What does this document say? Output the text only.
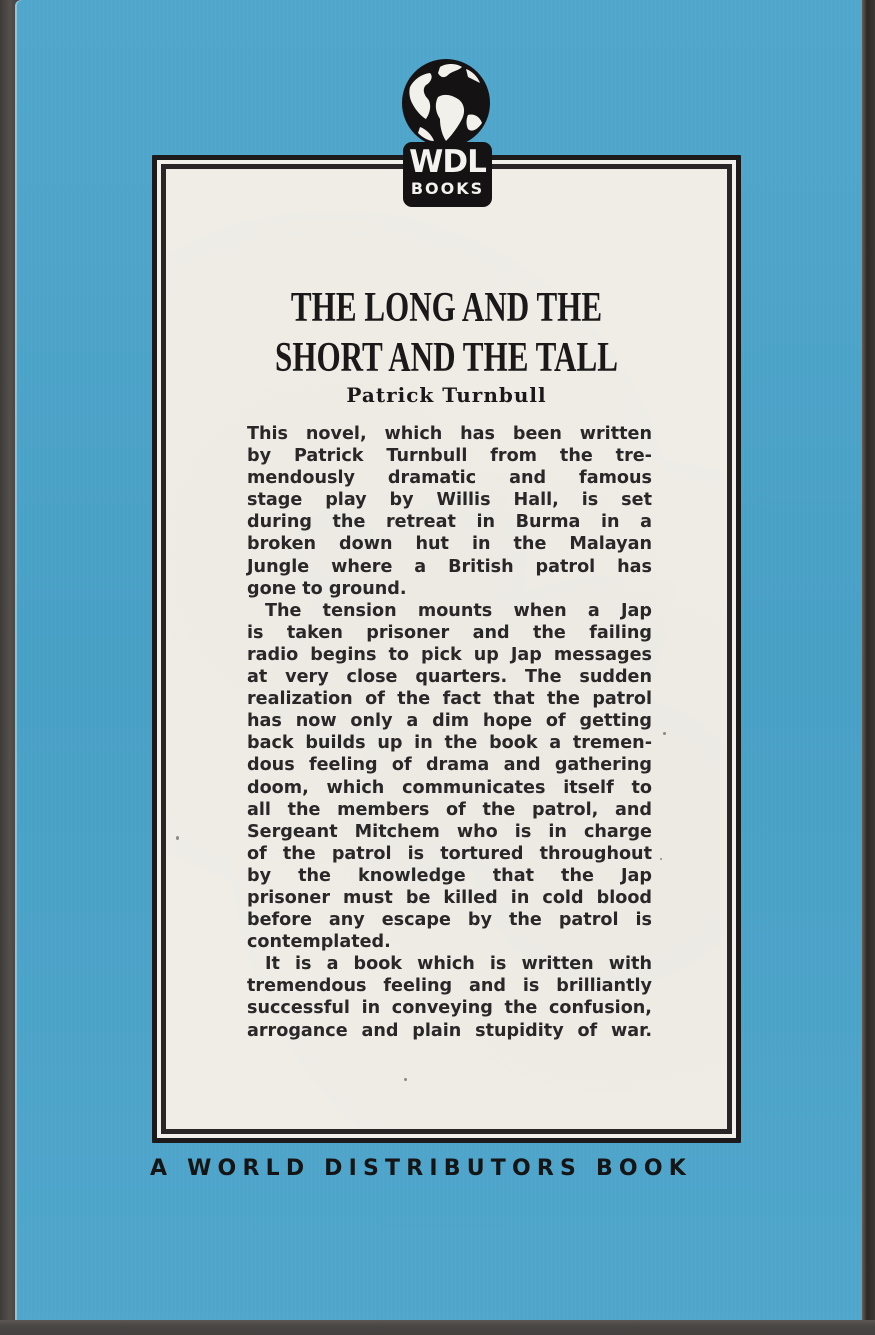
WDL
BOOKS
THE LONG AND THE
SHORT AND THE TALL
Patrick Turnbull
This novel, which has been written
by Patrick Turnbull from the tre-
mendously dramatic and famous
stage play by Willis Hall, is set
during the retreat in Burma in a
broken down hut in the Malayan
Jungle where a British patrol has
gone to ground.
The tension mounts when a Jap
is taken prisoner and the failing
radio begins to pick up Jap messages
at very close quarters. The sudden
realization of the fact that the patrol
has now only a dim hope of getting
back builds up in the book a tremen-
dous feeling of drama and gathering
doom, which communicates itself to
all the members of the patrol, and
Sergeant Mitchem who is in charge
of the patrol is tortured throughout
by the knowledge that the Jap
prisoner must be killed in cold blood
before any escape by the patrol is
contemplated.
It is a book which is written with
tremendous feeling and is brilliantly
successful in conveying the confusion,
arrogance and plain stupidity of war.
A WORLD DISTRIBUTORS BOOK
